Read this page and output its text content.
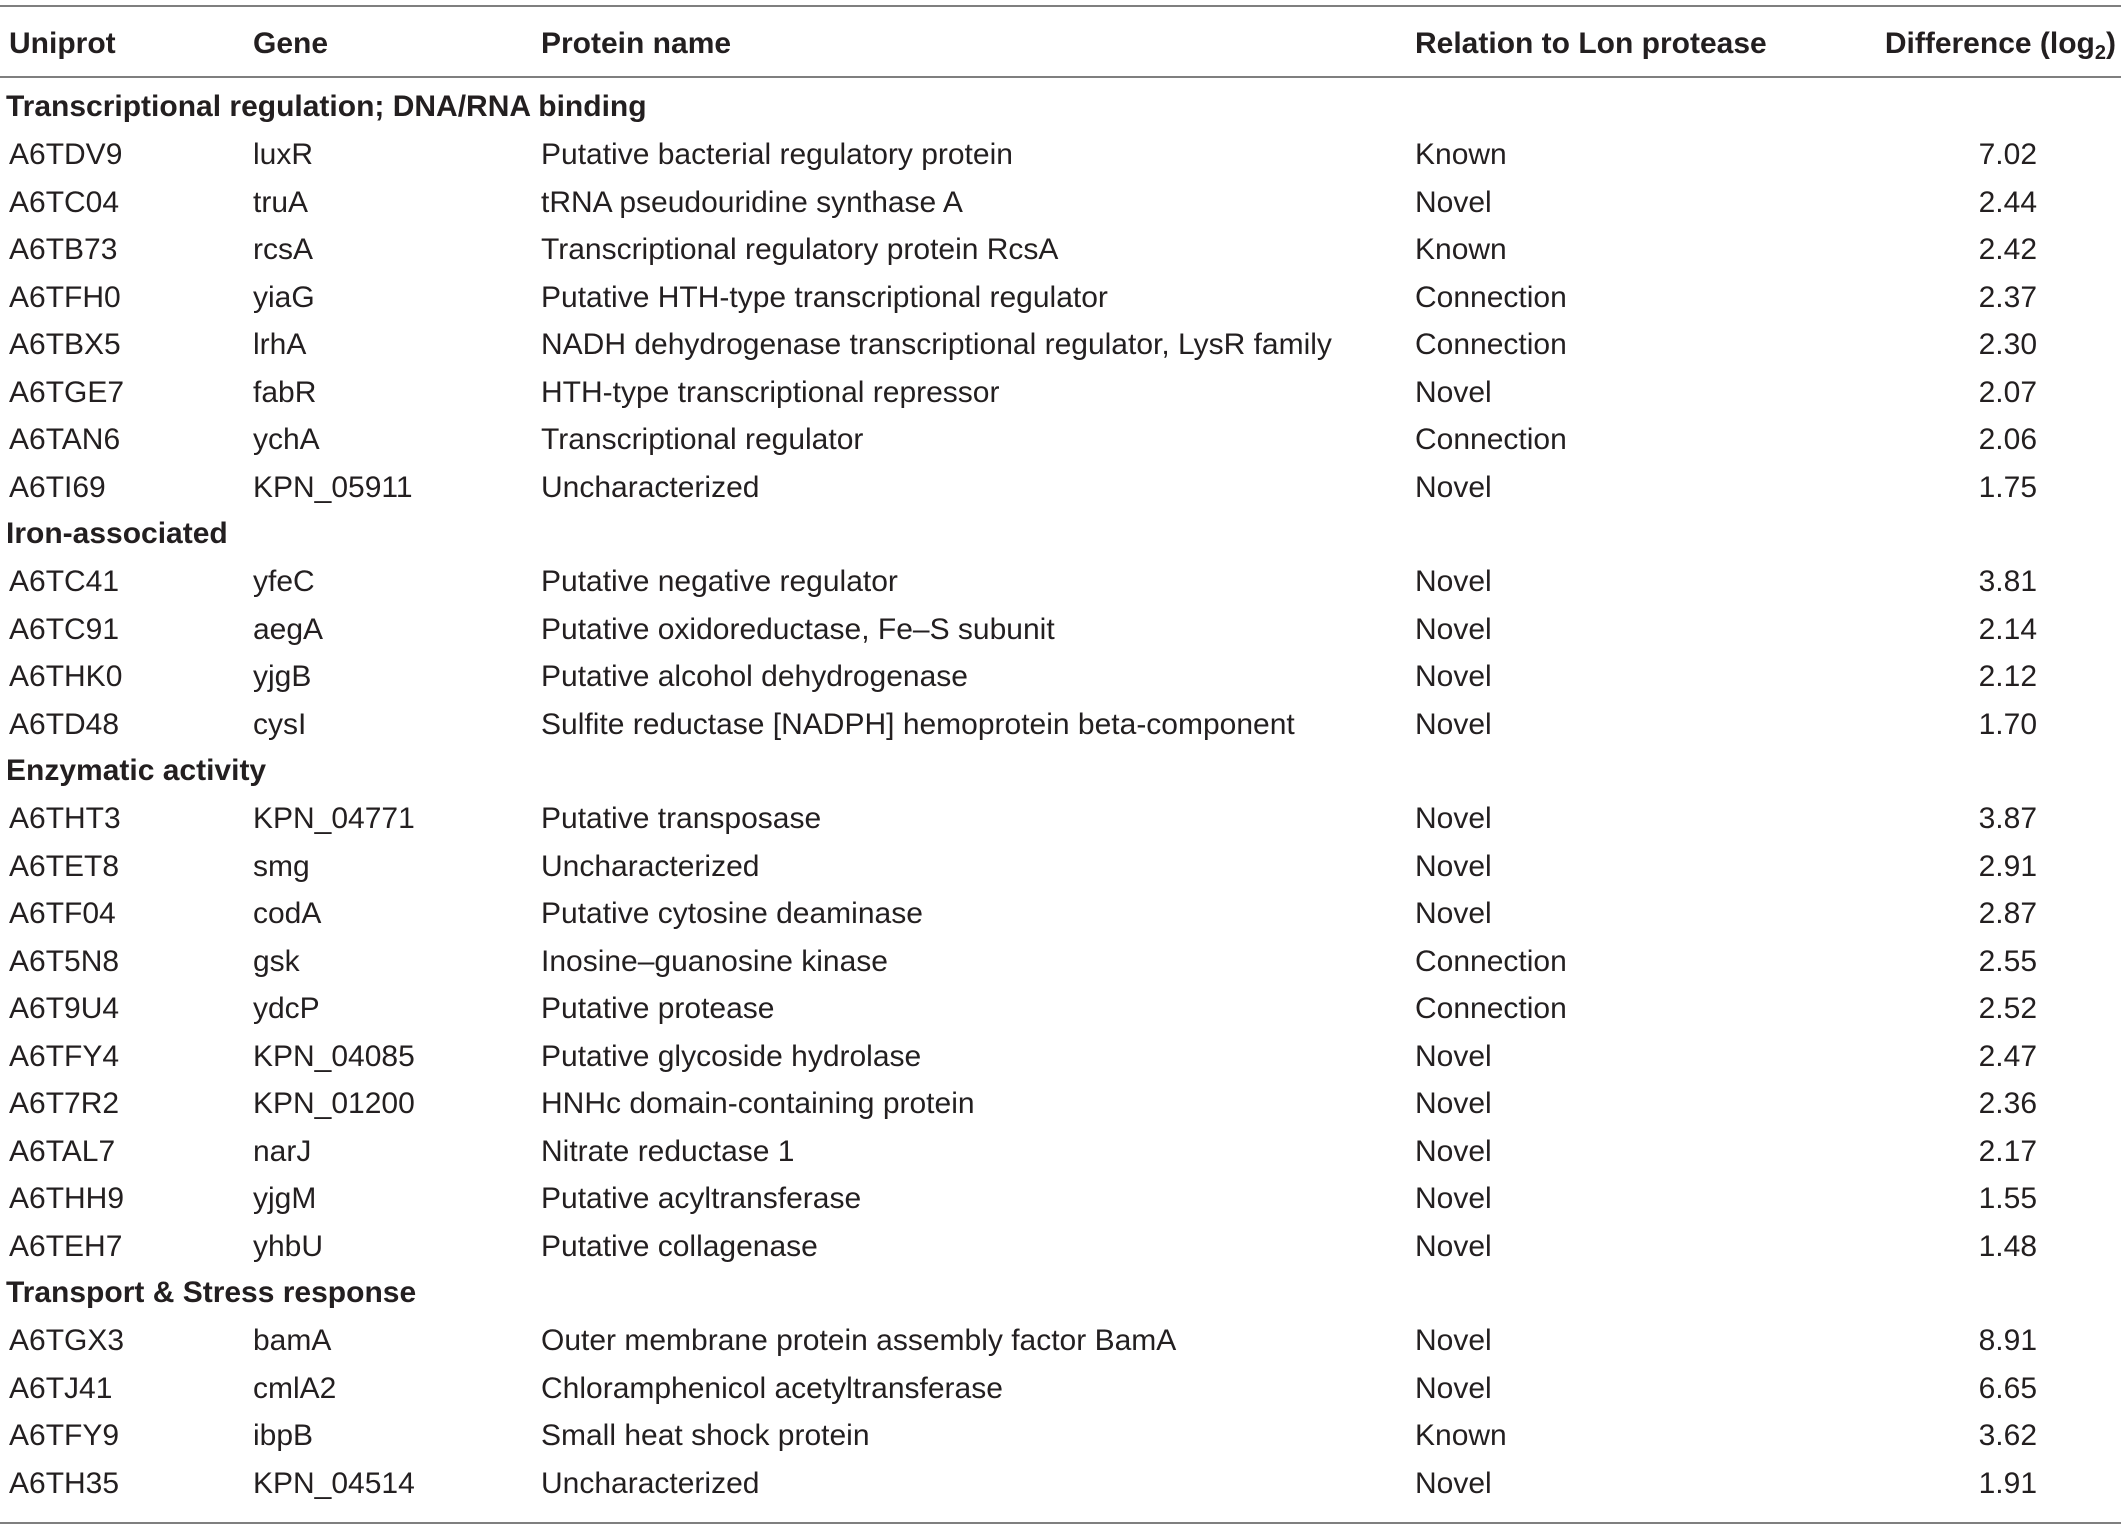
Uniprot	Gene	Protein name	Relation to Lon protease	Difference $(\log_2)$
Transcriptional regulation; DNA/RNA binding
A6TDV9	luxR	Putative bacterial regulatory protein	Known	7.02
A6TC04	truA	tRNA pseudouridine synthase A	Novel	2.44
A6TB73	rcsA	Transcriptional regulatory protein RcsA	Known	2.42
A6TFH0	yiaG	Putative HTH-type transcriptional regulator	Connection	2.37
A6TBX5	lrhA	NADH dehydrogenase transcriptional regulator, LysR family	Connection	2.30
A6TGE7	fabR	HTH-type transcriptional repressor	Novel	2.07
A6TAN6	ychA	Transcriptional regulator	Connection	2.06
A6TI69	KPN_05911	Uncharacterized	Novel	1.75
Iron-associated
A6TC41	yfeC	Putative negative regulator	Novel	3.81
A6TC91	aegA	Putative oxidoreductase, Fe–S subunit	Novel	2.14
A6THK0	yjgB	Putative alcohol dehydrogenase	Novel	2.12
A6TD48	cysI	Sulfite reductase [NADPH] hemoprotein beta-component	Novel	1.70
Enzymatic activity
A6THT3	KPN_04771	Putative transposase	Novel	3.87
A6TET8	smg	Uncharacterized	Novel	2.91
A6TF04	codA	Putative cytosine deaminase	Novel	2.87
A6T5N8	gsk	Inosine–guanosine kinase	Connection	2.55
A6T9U4	ydcP	Putative protease	Connection	2.52
A6TFY4	KPN_04085	Putative glycoside hydrolase	Novel	2.47
A6T7R2	KPN_01200	HNHc domain-containing protein	Novel	2.36
A6TAL7	narJ	Nitrate reductase 1	Novel	2.17
A6THH9	yjgM	Putative acyltransferase	Novel	1.55
A6TEH7	yhbU	Putative collagenase	Novel	1.48
Transport & Stress response
A6TGX3	bamA	Outer membrane protein assembly factor BamA	Novel	8.91
A6TJ41	cmlA2	Chloramphenicol acetyltransferase	Novel	6.65
A6TFY9	ibpB	Small heat shock protein	Known	3.62
A6TH35	KPN_04514	Uncharacterized	Novel	1.91
